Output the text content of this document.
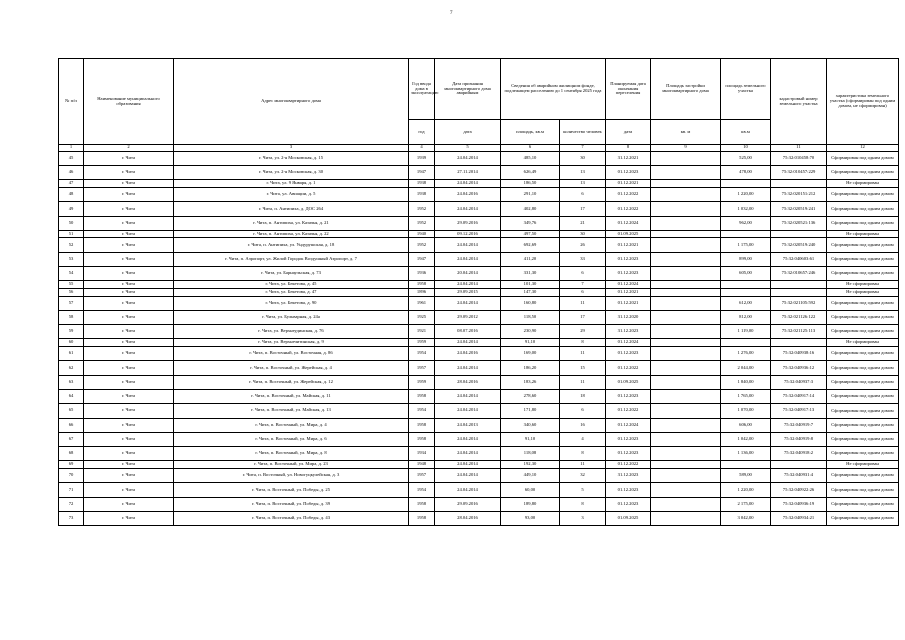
7
№ п/п	Наименование муниципального образования	Адрес многоквартирного дома	Год ввода дома в эксплуатацию	Дата признания многоквартирного дома аварийным	Сведения об аварийном жилищном фонде, подлежащем расселению до 1 сентября 2025 года		Планируемая дата окончания переселения	Площадь застройки многоквартирного дома	площадь земельного участка	кадастровый номер земельного участка	характеристика земельного участка (сформирован под одним домом, не сформирован)
			год	дата	площадь, кв.м	количество человек	дата	кв. м	кв.м		
1	2	3	4	5	6	7	8	9	10	11	12
45	г. Чита	г. Чита, ул. 2-я Московская, д. 15	1939	24.04.2014	485,10	30	31.12.2021		525,00	75:32:010458:70	Сформирован под одним домом
46	г. Чита	г. Чита, ул. 2-я Московская, д. 30	1947	27.11.2014	626,49	13	01.12.2023		478,00	75:32:010457:229	Сформирован под одним домом
47	г. Чита	г. Чита, ул. 9 Января, д. 1	1938	24.04.2014	186,50	13	01.12.2021				Не сформирован
48	г. Чита	г. Чита, ул. Авиации, д. 5	1938	24.04.2016	291,10	6	01.12.2022		1 220,00	75:32:020151:212	Сформирован под одним домом
49	г. Чита	г. Чита, п. Антипиха, д. ДОС 264	1952	24.04.2014	402,80	17	01.12.2022		1 032,00	75:32:020519:241	Сформирован под одним домом
50	г. Чита	г. Чита, п. Антипиха, ул. Казачья, д. 21	1952	29.09.2016	349,76	21	01.12.2024		962,00	75:32:020521:136	Сформирован под одним домом
51	г. Чита	г. Чита, п. Антипиха, ул. Казачья, д. 22	1940	09.12.2016	497,50	30	01.09.2025				Не сформирован
52	г. Чита	г. Чита, п. Антипиха, ул. Ундурушская, д. 18	1952	24.04.2014	692,69	26	01.12.2021		1 175,00	75:32:020519:240	Сформирован под одним домом
53	г. Чита	г. Чита, п. Аэропорт, ул. Жилой Городок Воздушный Аэропорт, д. 7	1947	24.04.2014	411,20	33	01.12.2023		899,00	75:32:040603:61	Сформирован под одним домом
54	г. Чита	г. Чита, ул. Барнаульская, д. 73	1936	20.04.2014	331,30	6	01.12.2023		605,00	75:32:010657:246	Сформирован под одним домом
55	г. Чита	г. Чита, ул. Бекетова, д. 45	1958	24.04.2014	101,30	7	01.12.2024				Не сформирован
56	г. Чита	г. Чита, ул. Бекетова, д. 47	1896	29.09.2015	147,30	6	01.12.2021				Не сформирован
57	г. Чита	г. Чита, ул. Бекетова, д. 90	1961	24.04.2014	160,80	11	01.12.2021		612,00	75:32:021105:592	Сформирован под одним домом
58	г. Чита	г. Чита, ул. Бульварная, д. 24а	1925	29.09.2012	118,50	17	31.12.2020		812,00	75:32:021126:122	Сформирован под одним домом
59	г. Чита	г. Чита, ул. Верхнеудинская, д. 76	1921	08.07.2016	230,90	29	31.12.2023		1 119,00	75:32:021125:113	Сформирован под одним домом
60	г. Чита	г. Чита, ул. Верхнечитинская, д. 9	1959	24.04.2014	91,10	8	01.12.2024				Не сформирован
61	г. Чита	г. Чита, п. Восточный, ул. Восточная, д. 86	1954	24.04.2016	169,00	11	01.12.2023		1 276,00	75:32:040938:16	Сформирован под одним домом
62	г. Чита	г. Чита, п. Восточный, ул. Жерейская, д. 4	1957	24.04.2014	186,20	15	01.12.2022		2 044,00	75:32:040936:12	Сформирован под одним домом
63	г. Чита	г. Чита, п. Восточный, ул. Жерейская, д. 12	1959	28.04.2016	183,26	11	01.09.2025		1 840,00	75:32:040937:3	Сформирован под одним домом
64	г. Чита	г. Чита, п. Восточный, ул. Майская, д. 11	1958	24.04.2014	278,60	18	01.12.2023		1 765,00	75:32:040917:14	Сформирован под одним домом
65	г. Чита	г. Чита, п. Восточный, ул. Майская, д. 13	1954	24.04.2014	171,80	6	01.12.2022		1 070,00	75:32:040917:13	Сформирован под одним домом
66	г. Чита	г. Чита, п. Восточный, ул. Мира, д. 4	1958	24.04.2013	340,60	16	01.12.2024		606,00	75:32:040919:7	Сформирован под одним домом
67	г. Чита	г. Чита, п. Восточный, ул. Мира, д. 6	1958	24.04.2014	91,10	4	01.12.2023		1 042,00	75:32:040919:8	Сформирован под одним домом
68	г. Чита	г. Чита, п. Восточный, ул. Мира, д. 8	1934	24.04.2014	118,08	8	01.12.2023		1 136,00	75:32:040918:2	Сформирован под одним домом
69	г. Чита	г. Чита, п. Восточный, ул. Мира, д. 23	1948	24.04.2014	192,30	11	01.12.2022				Не сформирован
70	г. Чита	г. Чита, п. Восточный, ул. Новогуцкулейская, д. 3	1957	24.04.2014	449,10	32	31.12.2023		589,00	75:32:040931:4	Сформирован под одним домом
71	г. Чита	г. Чита, п. Восточный, ул. Победы, д. 25	1954	24.04.2014	60,00	5	01.12.2023		1 220,00	75:32:040922:26	Сформирован под одним домом
72	г. Чита	г. Чита, п. Восточный, ул. Победы, д. 39	1958	29.09.2016	189,80	8	01.12.2023		2 175,00	75:32:040936:19	Сформирован под одним домом
73	г. Чита	г. Чита, п. Восточный, ул. Победы, д. 43	1958	28.04.2016	93,00	3	01.09.2025		3 042,00	75:32:040934:21	Сформирован под одним домом
